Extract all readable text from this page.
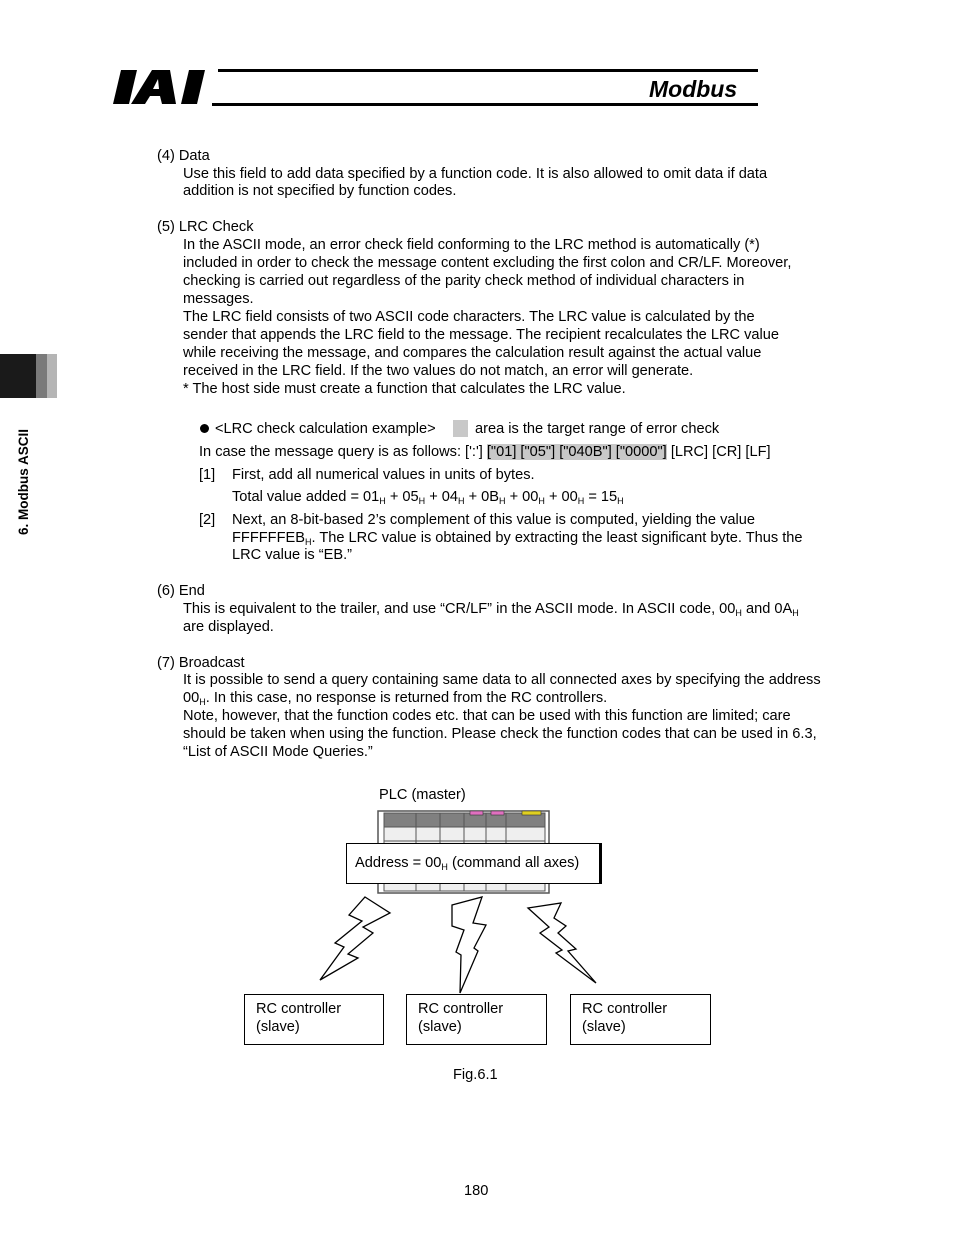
Modbus
6. Modbus ASCII
(4) Data
Use this field to add data specified by a function code. It is also allowed to omit data if data
addition is not specified by function codes.
(5) LRC Check
In the ASCII mode, an error check field conforming to the LRC method is automatically (*)
included in order to check the message content excluding the first colon and CR/LF. Moreover,
checking is carried out regardless of the parity check method of individual characters in
messages.
The LRC field consists of two ASCII code characters. The LRC value is calculated by the
sender that appends the LRC field to the message. The recipient recalculates the LRC value
while receiving the message, and compares the calculation result against the actual value
received in the LRC field. If the two values do not match, an error will generate.
* The host side must create a function that calculates the LRC value.
<LRC check calculation example>	area is the target range of error check
In case the message query is as follows: [':'] ["01] ["05"] ["040B"] ["0000"] [LRC] [CR] [LF]
[1] First, add all numerical values in units of bytes.
Total value added = $01_H + 05_H + 04_H + 0B_H + 00_H + 00_H = 15_H$
[2] Next, an 8-bit-based 2’s complement of this value is computed, yielding the value
$FFFFFFEB_H$. The LRC value is obtained by extracting the least significant byte. Thus the
LRC value is “EB.”
(6) End
This is equivalent to the trailer, and use “CR/LF” in the ASCII mode. In ASCII code, $00_H$ and $0A_H$
are displayed.
(7) Broadcast
It is possible to send a query containing same data to all connected axes by specifying the address
$00_H$. In this case, no response is returned from the RC controllers.
Note, however, that the function codes etc. that can be used with this function are limited; care
should be taken when using the function. Please check the function codes that can be used in 6.3,
“List of ASCII Mode Queries.”
PLC (master)
Address = $00_H$ (command all axes)
RC controller
(slave)
RC controller
(slave)
RC controller
(slave)
Fig.6.1
180
